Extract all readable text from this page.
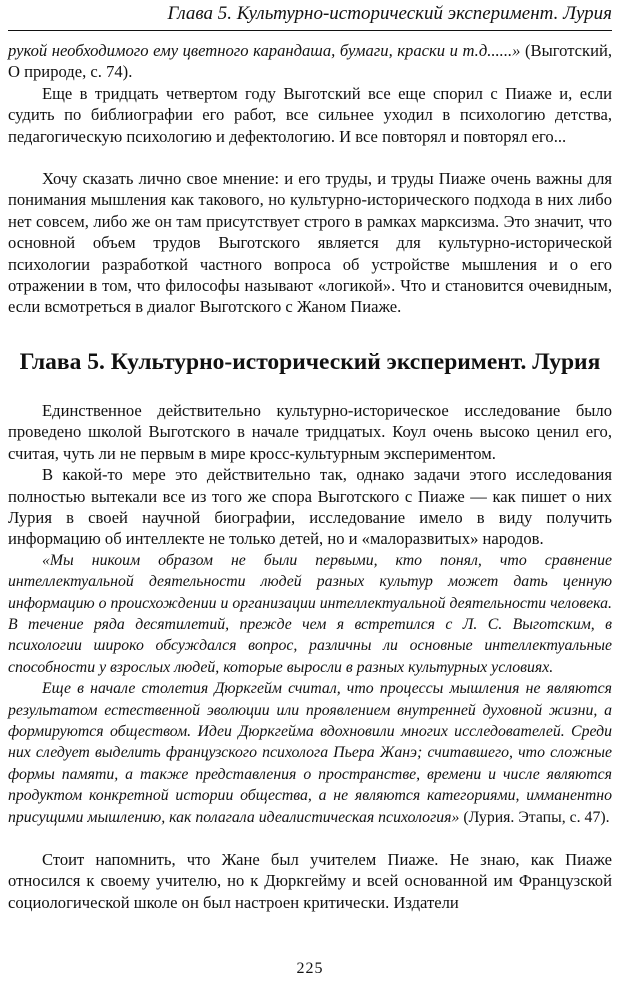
Глава 5. Культурно-исторический эксперимент. Лурия

рукой необходимого ему цветного карандаша, бумаги, краски и т.д......» (Выготский, О природе, с. 74).

Еще в тридцать четвертом году Выготский все еще спорил с Пиаже и, если судить по библиографии его работ, все сильнее уходил в психологию детства, педагогическую психологию и дефектологию. И все повторял и повторял его...

Хочу сказать лично свое мнение: и его труды, и труды Пиаже очень важны для понимания мышления как такового, но культурно-исторического подхода в них либо нет совсем, либо же он там присутствует строго в рамках марксизма. Это значит, что основной объем трудов Выготского является для культурно-исторической психологии разработкой частного вопроса об устройстве мышления и о его отражении в том, что философы называют «логикой». Что и становится очевидным, если всмотреться в диалог Выготского с Жаном Пиаже.

Глава 5. Культурно-исторический эксперимент. Лурия

Единственное действительно культурно-историческое исследование было проведено школой Выготского в начале тридцатых. Коул очень высоко ценил его, считая, чуть ли не первым в мире кросс-культурным экспериментом.

В какой-то мере это действительно так, однако задачи этого исследования полностью вытекали все из того же спора Выготского с Пиаже — как пишет о них Лурия в своей научной биографии, исследование имело в виду получить информацию об интеллекте не только детей, но и «малоразвитых» народов.

«Мы никоим образом не были первыми, кто понял, что сравнение интеллектуальной деятельности людей разных культур может дать ценную информацию о происхождении и организации интеллектуальной деятельности человека. В течение ряда десятилетий, прежде чем я встретился с Л. С. Выготским, в психологии широко обсуждался вопрос, различны ли основные интеллектуальные способности у взрослых людей, которые выросли в разных культурных условиях.

Еще в начале столетия Дюркгейм считал, что процессы мышления не являются результатом естественной эволюции или проявлением внутренней духовной жизни, а формируются обществом. Идеи Дюркгейма вдохновили многих исследователей. Среди них следует выделить французского психолога Пьера Жанэ; считавшего, что сложные формы памяти, а также представления о пространстве, времени и числе являются продуктом конкретной истории общества, а не являются категориями, имманентно присущими мышлению, как полагала идеалистическая психология» (Лурия. Этапы, с. 47).

Стоит напомнить, что Жане был учителем Пиаже. Не знаю, как Пиаже относился к своему учителю, но к Дюркгейму и всей основанной им Французской социологической школе он был настроен критически. Издатели

225
